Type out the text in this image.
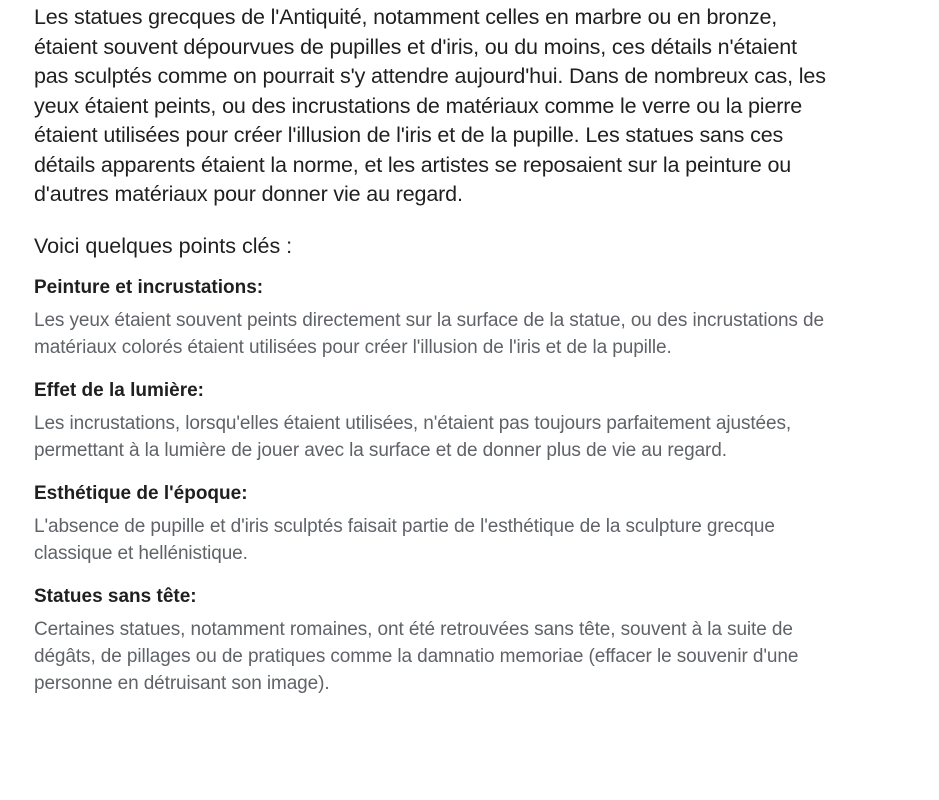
Les statues grecques de l'Antiquité, notamment celles en marbre ou en bronze, étaient souvent dépourvues de pupilles et d'iris, ou du moins, ces détails n'étaient pas sculptés comme on pourrait s'y attendre aujourd'hui. Dans de nombreux cas, les yeux étaient peints, ou des incrustations de matériaux comme le verre ou la pierre étaient utilisées pour créer l'illusion de l'iris et de la pupille. Les statues sans ces détails apparents étaient la norme, et les artistes se reposaient sur la peinture ou d'autres matériaux pour donner vie au regard.

Voici quelques points clés :
Peinture et incrustations:

Les yeux étaient souvent peints directement sur la surface de la statue, ou des incrustations de matériaux colorés étaient utilisées pour créer l'illusion de l'iris et de la pupille.

Effet de la lumière:

Les incrustations, lorsqu'elles étaient utilisées, n'étaient pas toujours parfaitement ajustées, permettant à la lumière de jouer avec la surface et de donner plus de vie au regard.

Esthétique de l'époque:

L'absence de pupille et d'iris sculptés faisait partie de l'esthétique de la sculpture grecque classique et hellénistique.

Statues sans tête:

Certaines statues, notamment romaines, ont été retrouvées sans tête, souvent à la suite de dégâts, de pillages ou de pratiques comme la damnatio memoriae (effacer le souvenir d'une personne en détruisant son image).
